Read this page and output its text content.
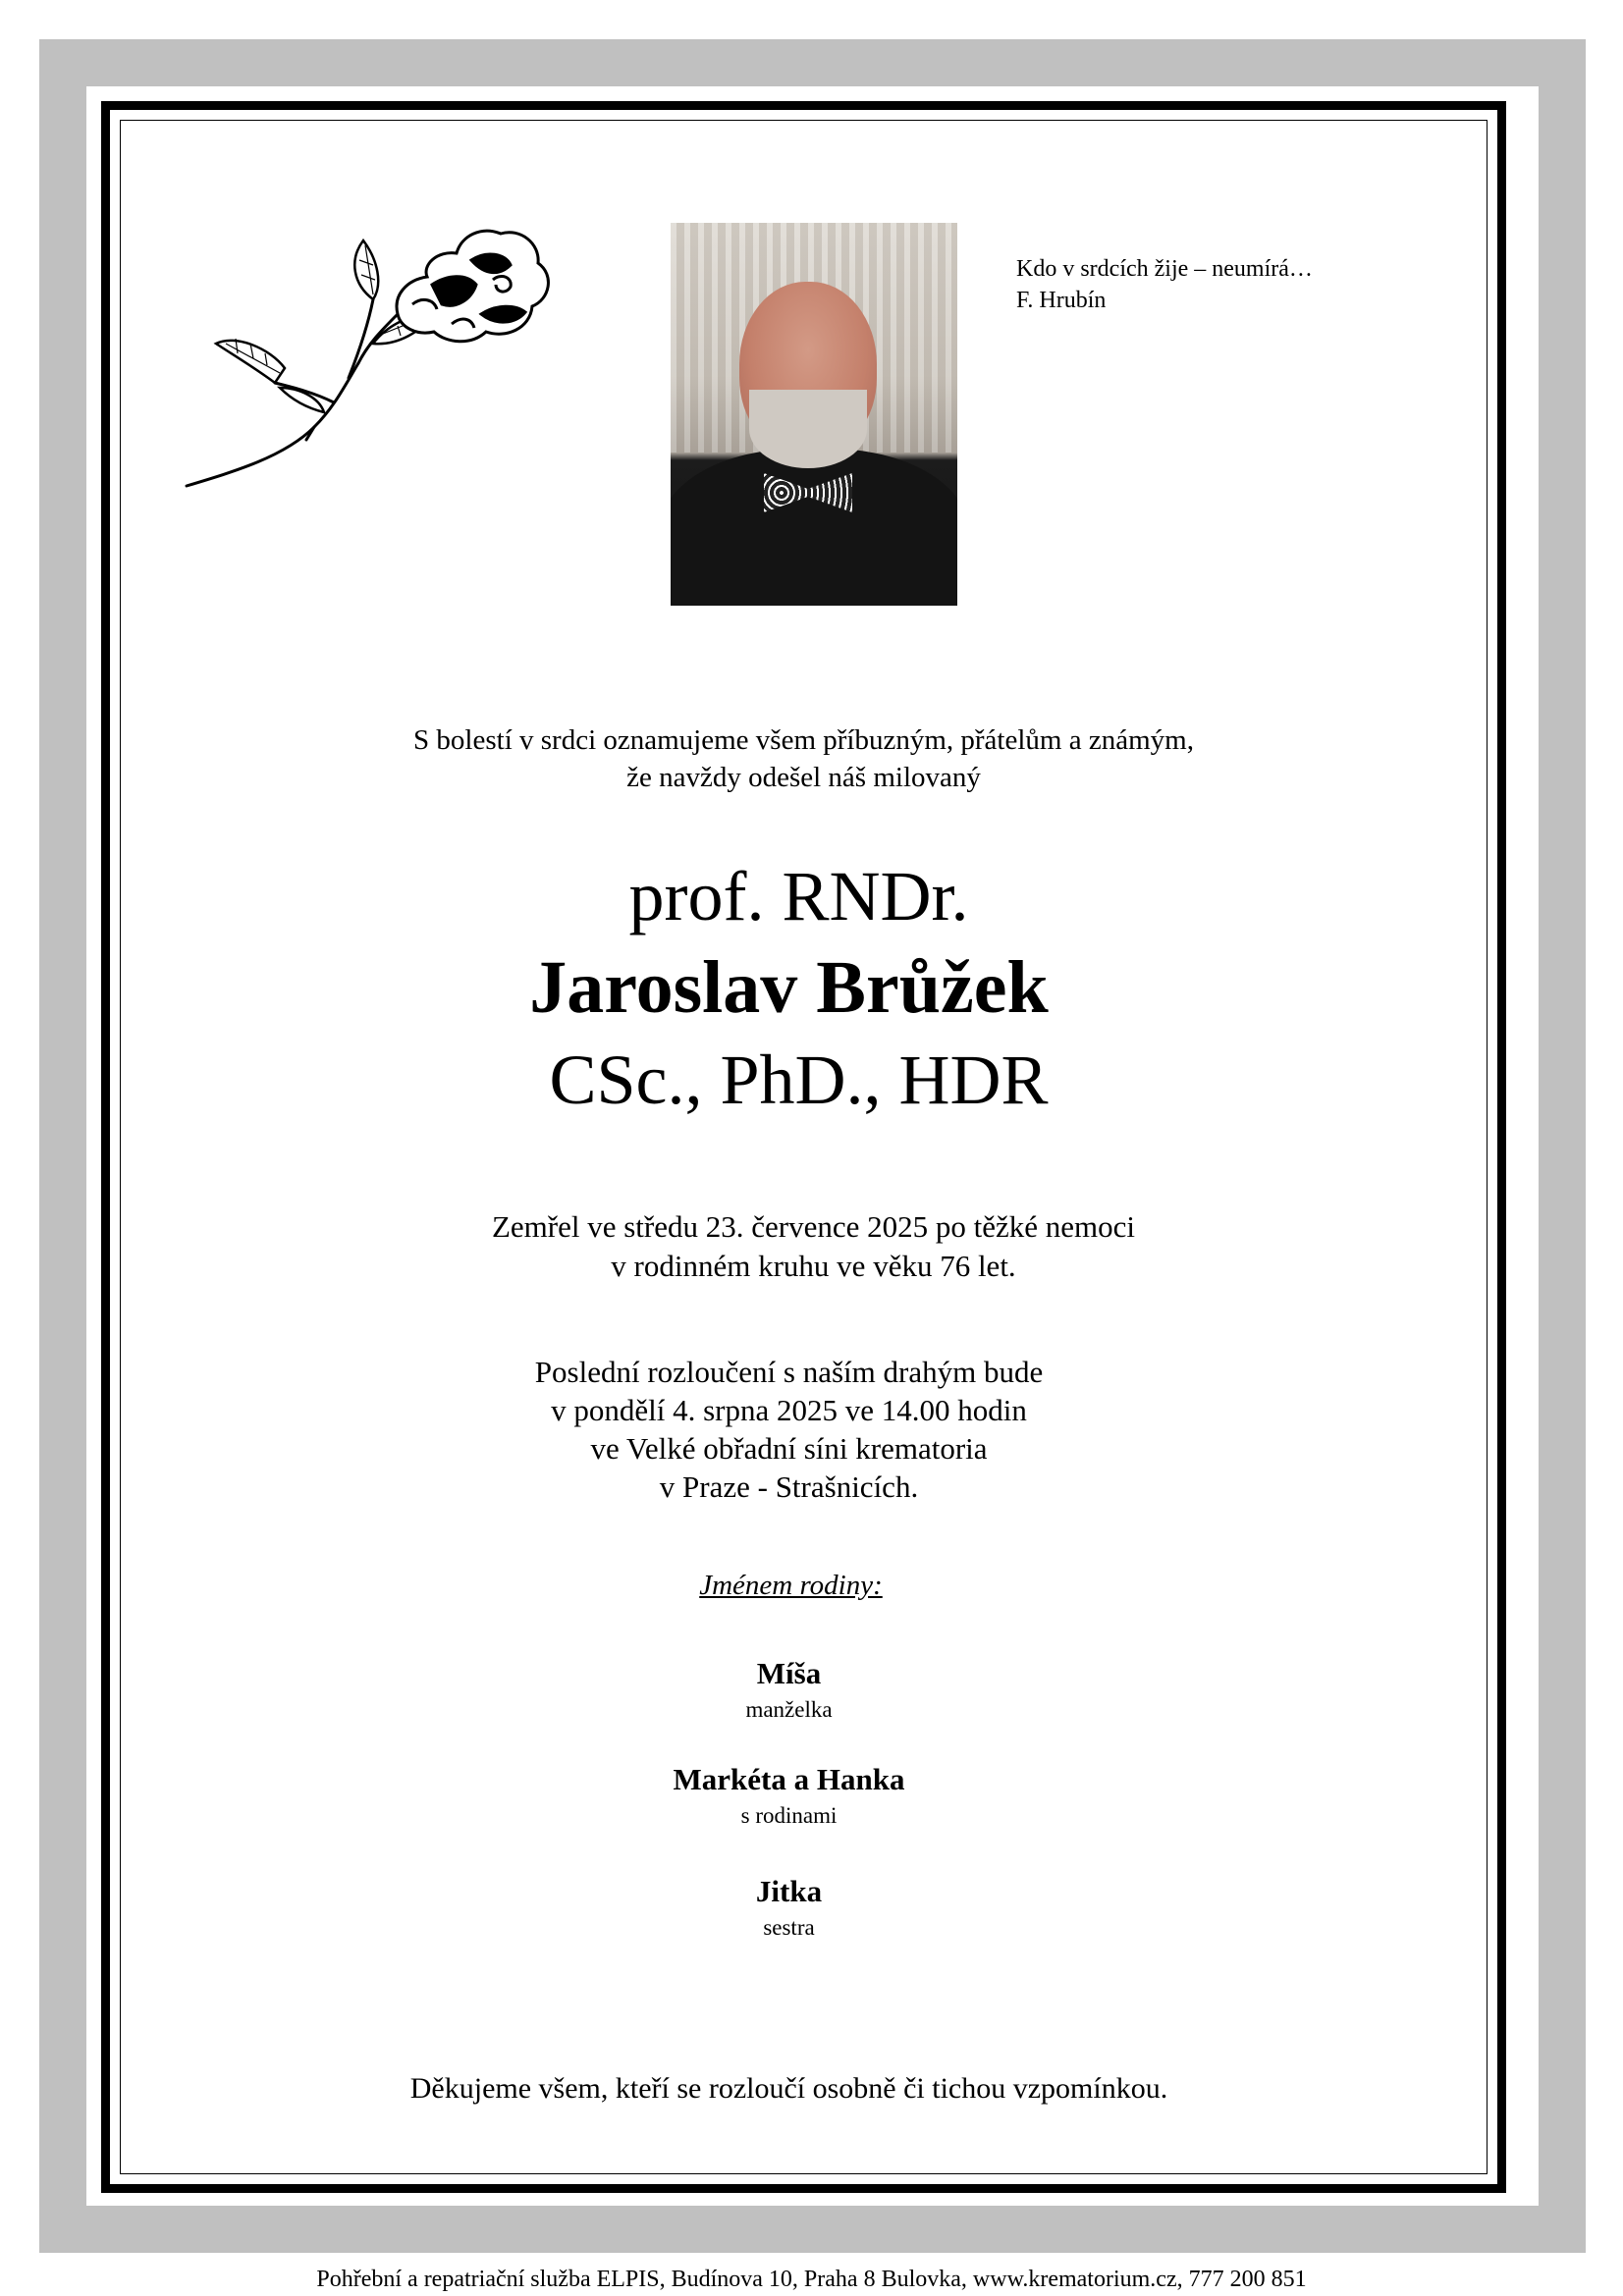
Kdo v srdcích žije – neumírá…
F. Hrubín
S bolestí v srdci oznamujeme všem příbuzným, přátelům a známým,
že navždy odešel náš milovaný
prof. RNDr.
Jaroslav Brůžek
CSc., PhD., HDR
Zemřel ve středu 23. července 2025 po těžké nemoci
v rodinném kruhu ve věku 76 let.
Poslední rozloučení s naším drahým bude
v pondělí 4. srpna 2025 ve 14.00 hodin
ve Velké obřadní síni krematoria
v Praze - Strašnicích.
Jménem rodiny:
Míša
manželka
Markéta a Hanka
s rodinami
Jitka
sestra
Děkujeme všem, kteří se rozloučí osobně či tichou vzpomínkou.
Pohřební a repatriační služba ELPIS, Budínova 10, Praha 8 Bulovka, www.krematorium.cz, 777 200 851
